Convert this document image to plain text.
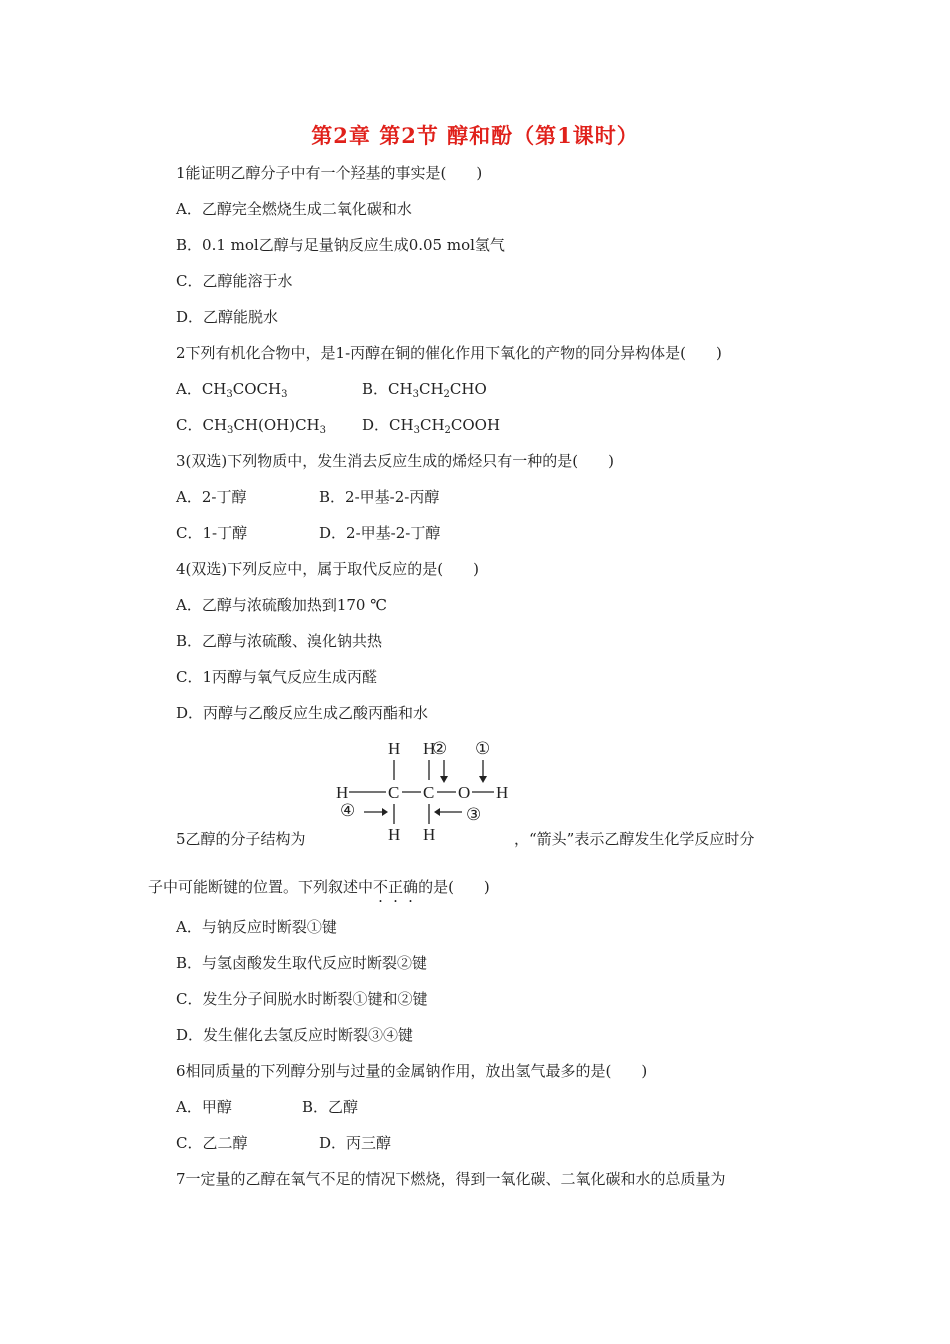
第2章 第2节 醇和酚（第1课时）
1能证明乙醇分子中有一个羟基的事实是(　　)
A．乙醇完全燃烧生成二氧化碳和水
B．0.1 mol乙醇与足量钠反应生成0.05 mol氢气
C．乙醇能溶于水
D．乙醇能脱水
2下列有机化合物中，是1-丙醇在铜的催化作用下氧化的产物的同分异构体是(　　)
A．$CH_3COCH_3$	B．$CH_3CH_2CHO$
C．$CH_3CH(OH)CH_3$ D．$CH_3CH_2COOH$
3(双选)下列物质中，发生消去反应生成的烯烃只有一种的是(　　)
A．2-丁醇	B．2-甲基-2-丙醇
C．1-丁醇	D．2-甲基-2-丁醇
4(双选)下列反应中，属于取代反应的是(　　)
A．乙醇与浓硫酸加热到170 ℃
B．乙醇与浓硫酸、溴化钠共热
C．1丙醇与氧气反应生成丙醛
D．丙醇与乙酸反应生成乙酸丙酯和水
H H
② ①
H C C O H
④	③
H H
5乙醇的分子结构为	，“箭头”表示乙醇发生化学反应时分
子中可能断键的位置。下列叙述中不正确的是(　　)
A．与钠反应时断裂①键
B．与氢卤酸发生取代反应时断裂②键
C．发生分子间脱水时断裂①键和②键
D．发生催化去氢反应时断裂③④键
6相同质量的下列醇分别与过量的金属钠作用，放出氢气最多的是(　　)
A．甲醇	B．乙醇
C．乙二醇	D．丙三醇
7一定量的乙醇在氧气不足的情况下燃烧，得到一氧化碳、二氧化碳和水的总质量为
